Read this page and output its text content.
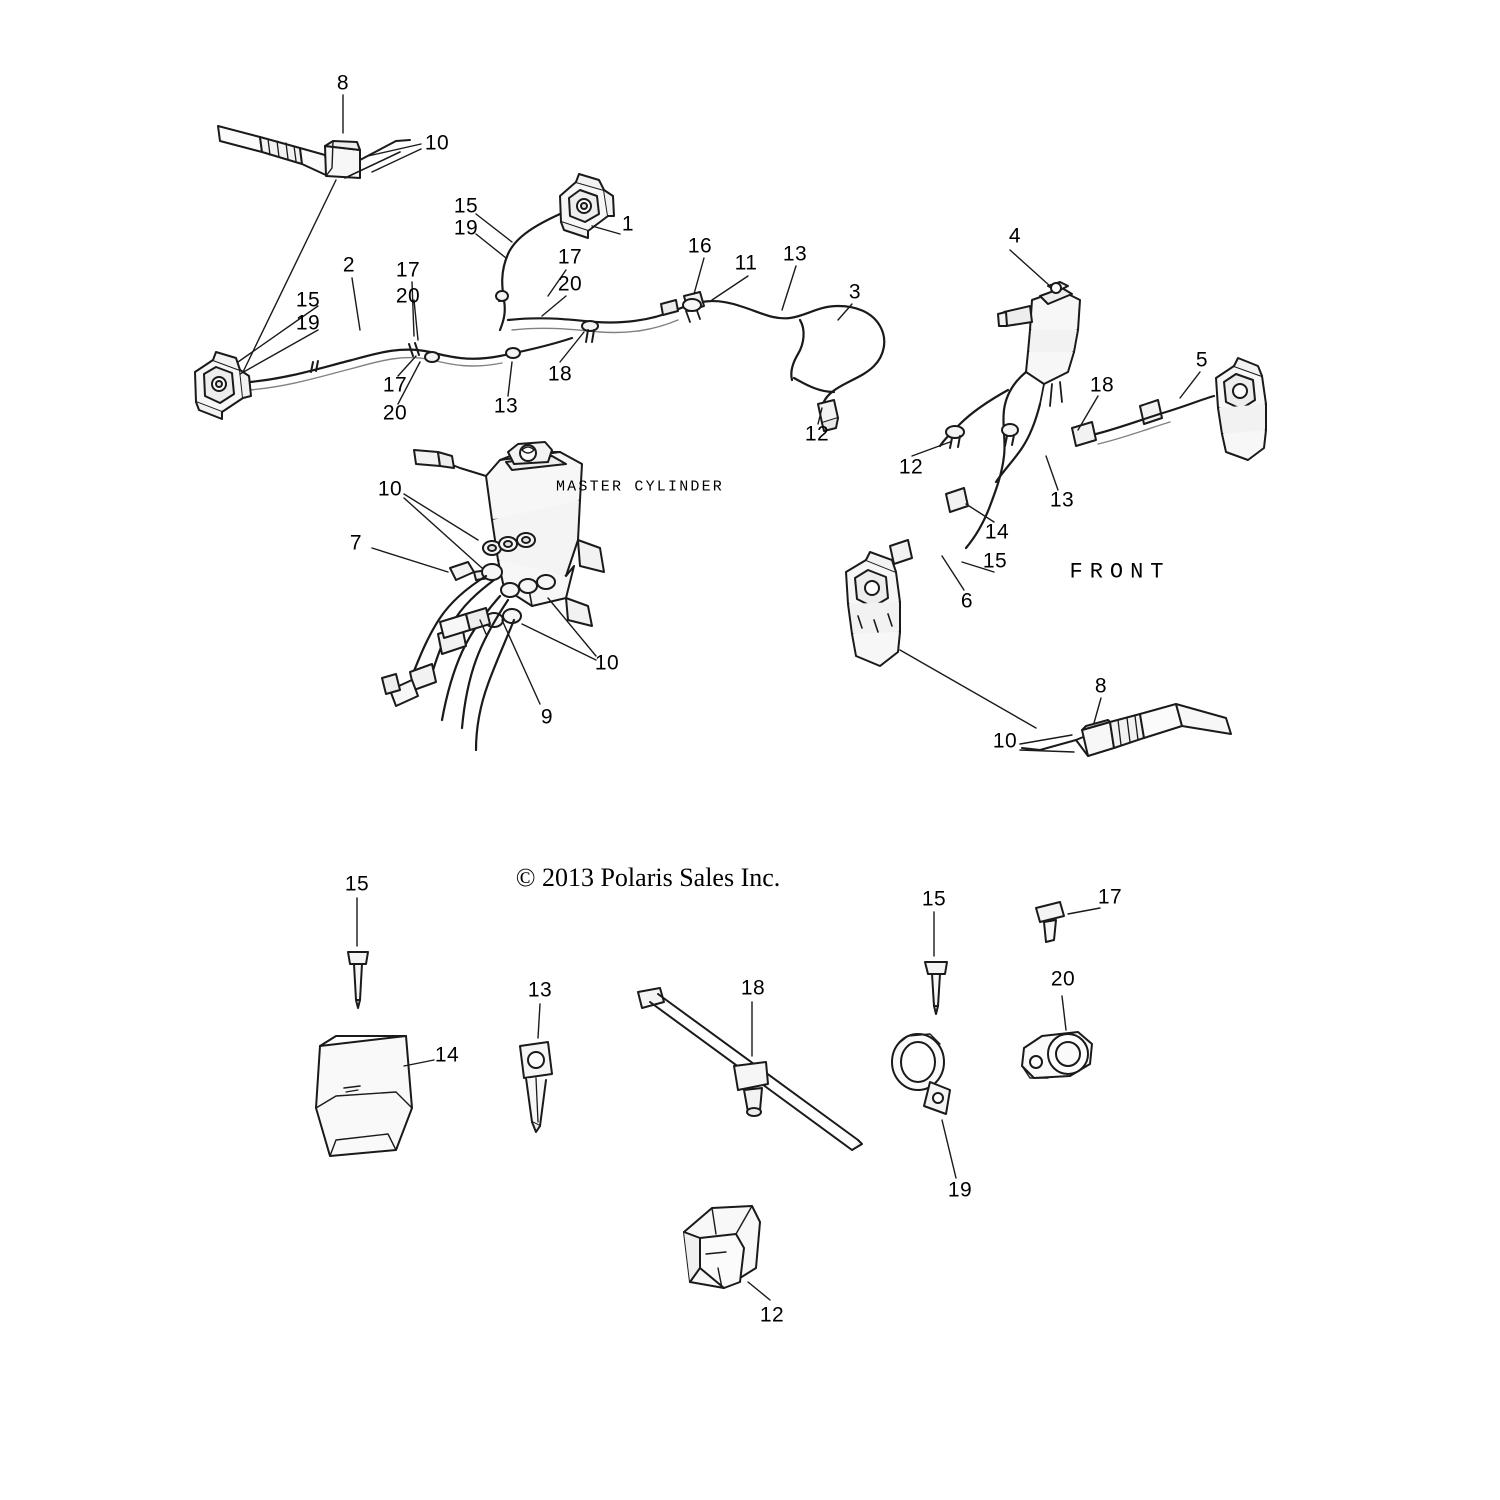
8
10
15
19	1
16
11 13
4
2 17
17
20	3
15	20
19
5
18
17	18
13
20
12
12
13
10
14
7
15
6
10
8
9
10
15
15	17
13	18	20
14
19
12
MASTER CYLINDER
FRONT
© 2013 Polaris Sales Inc.
